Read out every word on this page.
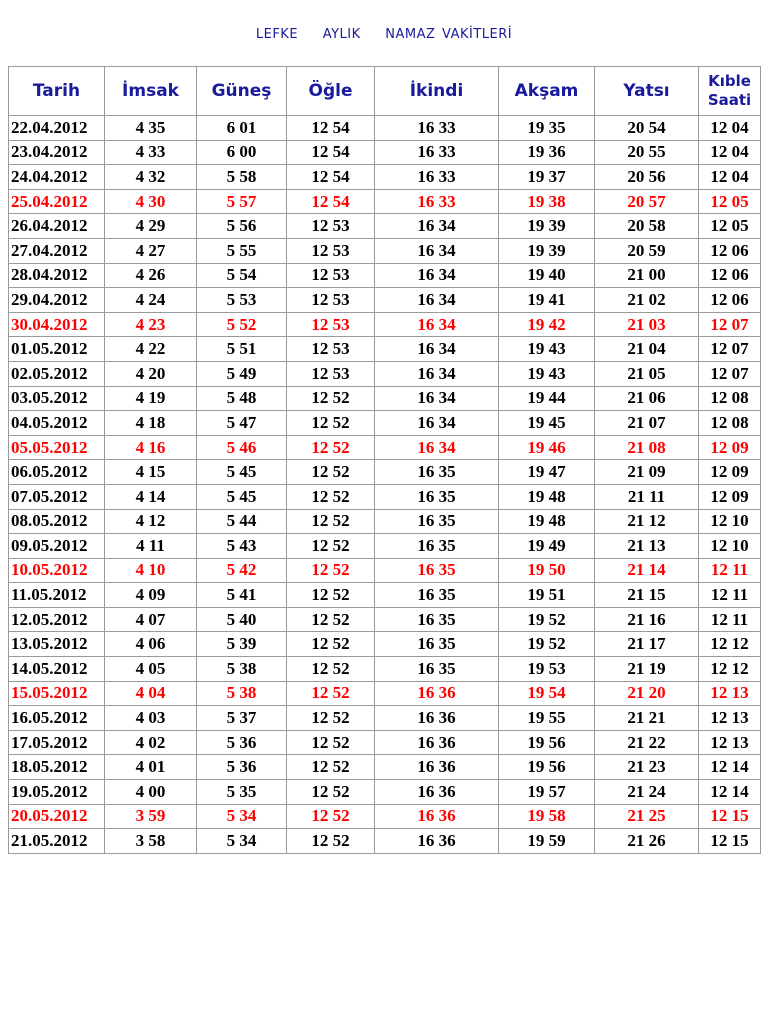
LEFKE AYLIK NAMAZ VAKİTLERİ
Tarih	İmsak	Güneş	Öğle	İkindi	Akşam	Yatsı	Kıble
Saati
22.04.2012	4 35	6 01	12 54	16 33	19 35	20 54	12 04
23.04.2012	4 33	6 00	12 54	16 33	19 36	20 55	12 04
24.04.2012	4 32	5 58	12 54	16 33	19 37	20 56	12 04
25.04.2012	4 30	5 57	12 54	16 33	19 38	20 57	12 05
26.04.2012	4 29	5 56	12 53	16 34	19 39	20 58	12 05
27.04.2012	4 27	5 55	12 53	16 34	19 39	20 59	12 06
28.04.2012	4 26	5 54	12 53	16 34	19 40	21 00	12 06
29.04.2012	4 24	5 53	12 53	16 34	19 41	21 02	12 06
30.04.2012	4 23	5 52	12 53	16 34	19 42	21 03	12 07
01.05.2012	4 22	5 51	12 53	16 34	19 43	21 04	12 07
02.05.2012	4 20	5 49	12 53	16 34	19 43	21 05	12 07
03.05.2012	4 19	5 48	12 52	16 34	19 44	21 06	12 08
04.05.2012	4 18	5 47	12 52	16 34	19 45	21 07	12 08
05.05.2012	4 16	5 46	12 52	16 34	19 46	21 08	12 09
06.05.2012	4 15	5 45	12 52	16 35	19 47	21 09	12 09
07.05.2012	4 14	5 45	12 52	16 35	19 48	21 11	12 09
08.05.2012	4 12	5 44	12 52	16 35	19 48	21 12	12 10
09.05.2012	4 11	5 43	12 52	16 35	19 49	21 13	12 10
10.05.2012	4 10	5 42	12 52	16 35	19 50	21 14	12 11
11.05.2012	4 09	5 41	12 52	16 35	19 51	21 15	12 11
12.05.2012	4 07	5 40	12 52	16 35	19 52	21 16	12 11
13.05.2012	4 06	5 39	12 52	16 35	19 52	21 17	12 12
14.05.2012	4 05	5 38	12 52	16 35	19 53	21 19	12 12
15.05.2012	4 04	5 38	12 52	16 36	19 54	21 20	12 13
16.05.2012	4 03	5 37	12 52	16 36	19 55	21 21	12 13
17.05.2012	4 02	5 36	12 52	16 36	19 56	21 22	12 13
18.05.2012	4 01	5 36	12 52	16 36	19 56	21 23	12 14
19.05.2012	4 00	5 35	12 52	16 36	19 57	21 24	12 14
20.05.2012	3 59	5 34	12 52	16 36	19 58	21 25	12 15
21.05.2012	3 58	5 34	12 52	16 36	19 59	21 26	12 15
